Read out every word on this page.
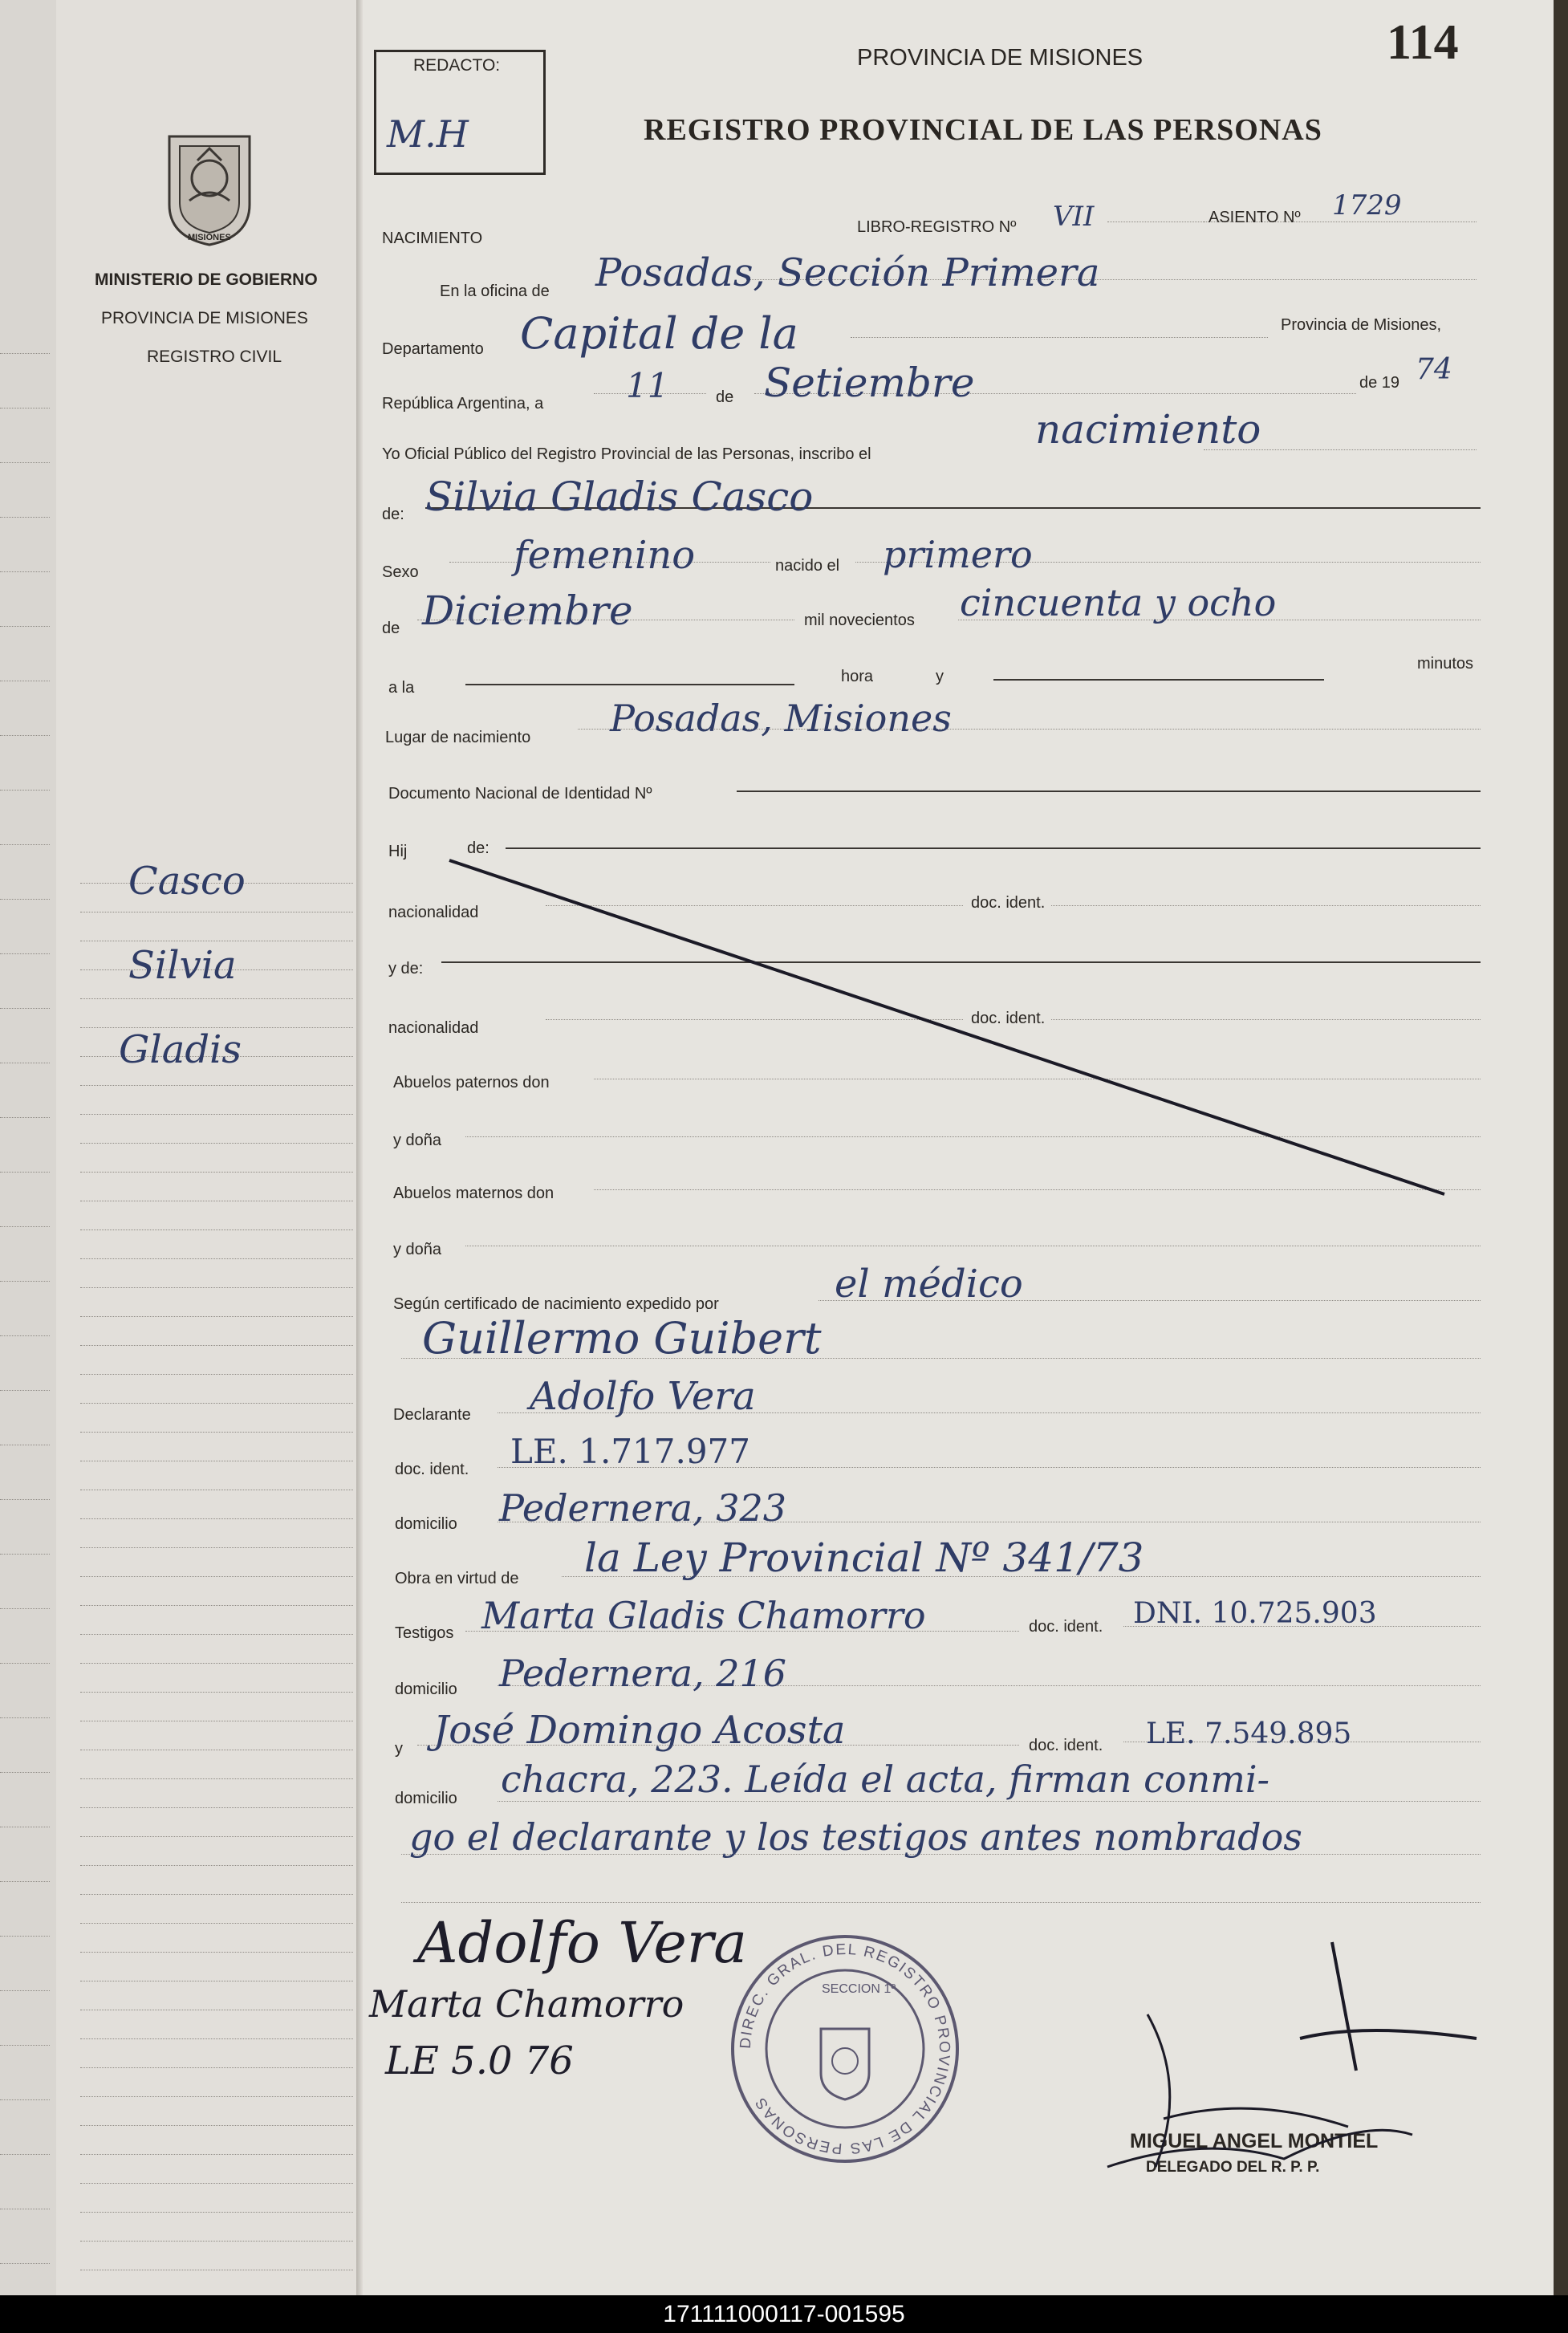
MISIONES
MINISTERIO DE GOBIERNO
PROVINCIA DE MISIONES
REGISTRO CIVIL
Casco
Silvia
Gladis
REDACTO:
M.H
114
PROVINCIA DE MISIONES
REGISTRO PROVINCIAL DE LAS PERSONAS
NACIMIENTO
LIBRO-REGISTRO Nº VII	ASIENTO Nº 1729
En la oficina de Posadas, Sección Primera
Departamento Capital de la	Provincia de Misiones,
República Argentina, a 11	de Setiembre	de 19 74
Yo Oficial Público del Registro Provincial de las Personas, inscribo el
nacimiento
de: Silvia Gladis Casco
Sexo femenino	nacido el primero
de Diciembre	mil novecientos cincuenta y ocho
a la
hora	y
minutos
Lugar de nacimiento Posadas, Misiones
Documento Nacional de Identidad Nº
Hij	de:
nacionalidad
doc. ident.
y de:
nacionalidad
doc. ident.
Abuelos paternos don
y doña
Abuelos maternos don
y doña
Según certificado de nacimiento expedido por	el médico
Guillermo Guibert
Declarante Adolfo Vera
doc. ident. LE. 1.717.977
domicilio Pedernera, 323
Obra en virtud de la Ley Provincial Nº 341/73
Testigos Marta Gladis Chamorro	doc. ident. DNI. 10.725.903
domicilio Pedernera, 216
y José Domingo Acosta	doc. ident. LE. 7.549.895
domicilio chacra, 223. Leída el acta, firman conmi-
go el declarante y los testigos antes nombrados
Adolfo Vera
Marta Chamorro
LE 5.0 76	DIREC. GRAL. DEL REGISTRO PROVINCIAL DE LAS PERSONAS
SECCION 1º
MIGUEL ANGEL MONTIEL
DELEGADO DEL R. P. P.
171111000117-001595
